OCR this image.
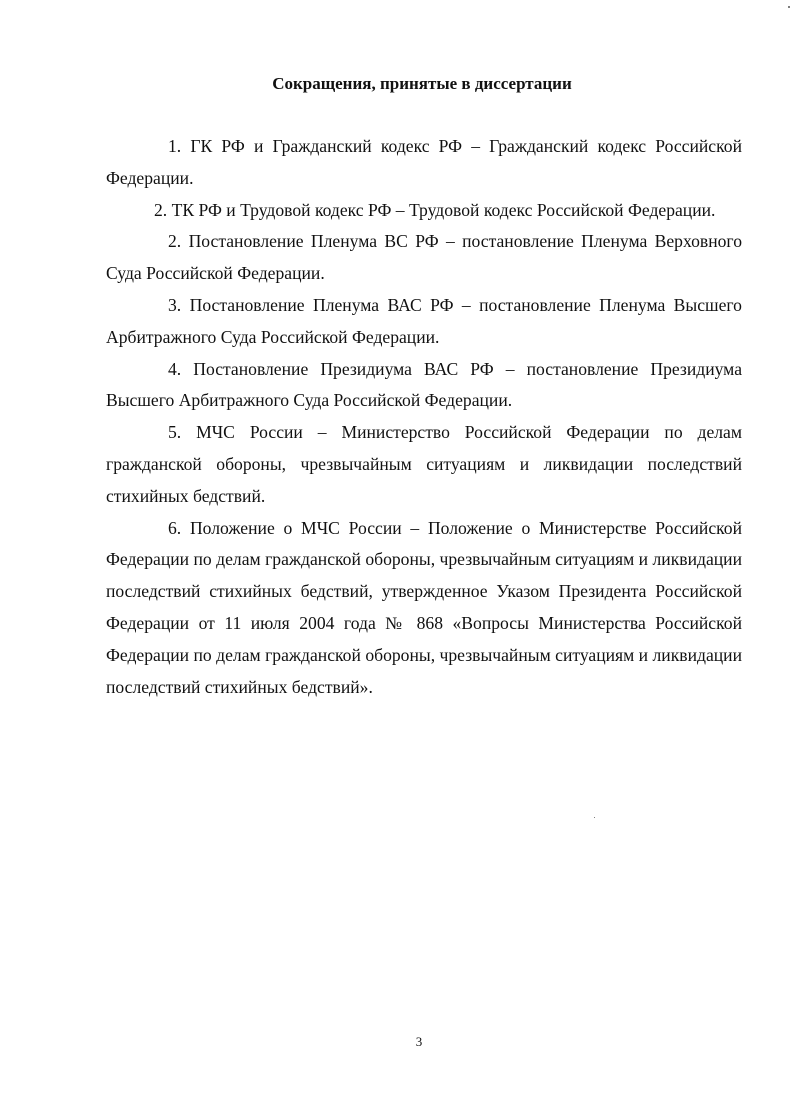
Сокращения, принятые в диссертации
1. ГК РФ и Гражданский кодекс РФ – Гражданский кодекс Российской Федерации.
2. ТК РФ и Трудовой кодекс РФ – Трудовой кодекс Российской Федерации.
2. Постановление Пленума ВС РФ – постановление Пленума Верховного Суда Российской Федерации.
3. Постановление Пленума ВАС РФ – постановление Пленума Высшего Арбитражного Суда Российской Федерации.
4. Постановление Президиума ВАС РФ – постановление Президиума Высшего Арбитражного Суда Российской Федерации.
5. МЧС России – Министерство Российской Федерации по делам гражданской обороны, чрезвычайным ситуациям и ликвидации последствий стихийных бедствий.
6. Положение о МЧС России – Положение о Министерстве Российской Федерации по делам гражданской обороны, чрезвычайным ситуациям и ликвидации последствий стихийных бедствий, утвержденное Указом Президента Российской Федерации от 11 июля 2004 года № 868 «Вопросы Министерства Российской Федерации по делам гражданской обороны, чрезвычайным ситуациям и ликвидации последствий стихийных бедствий».
3
